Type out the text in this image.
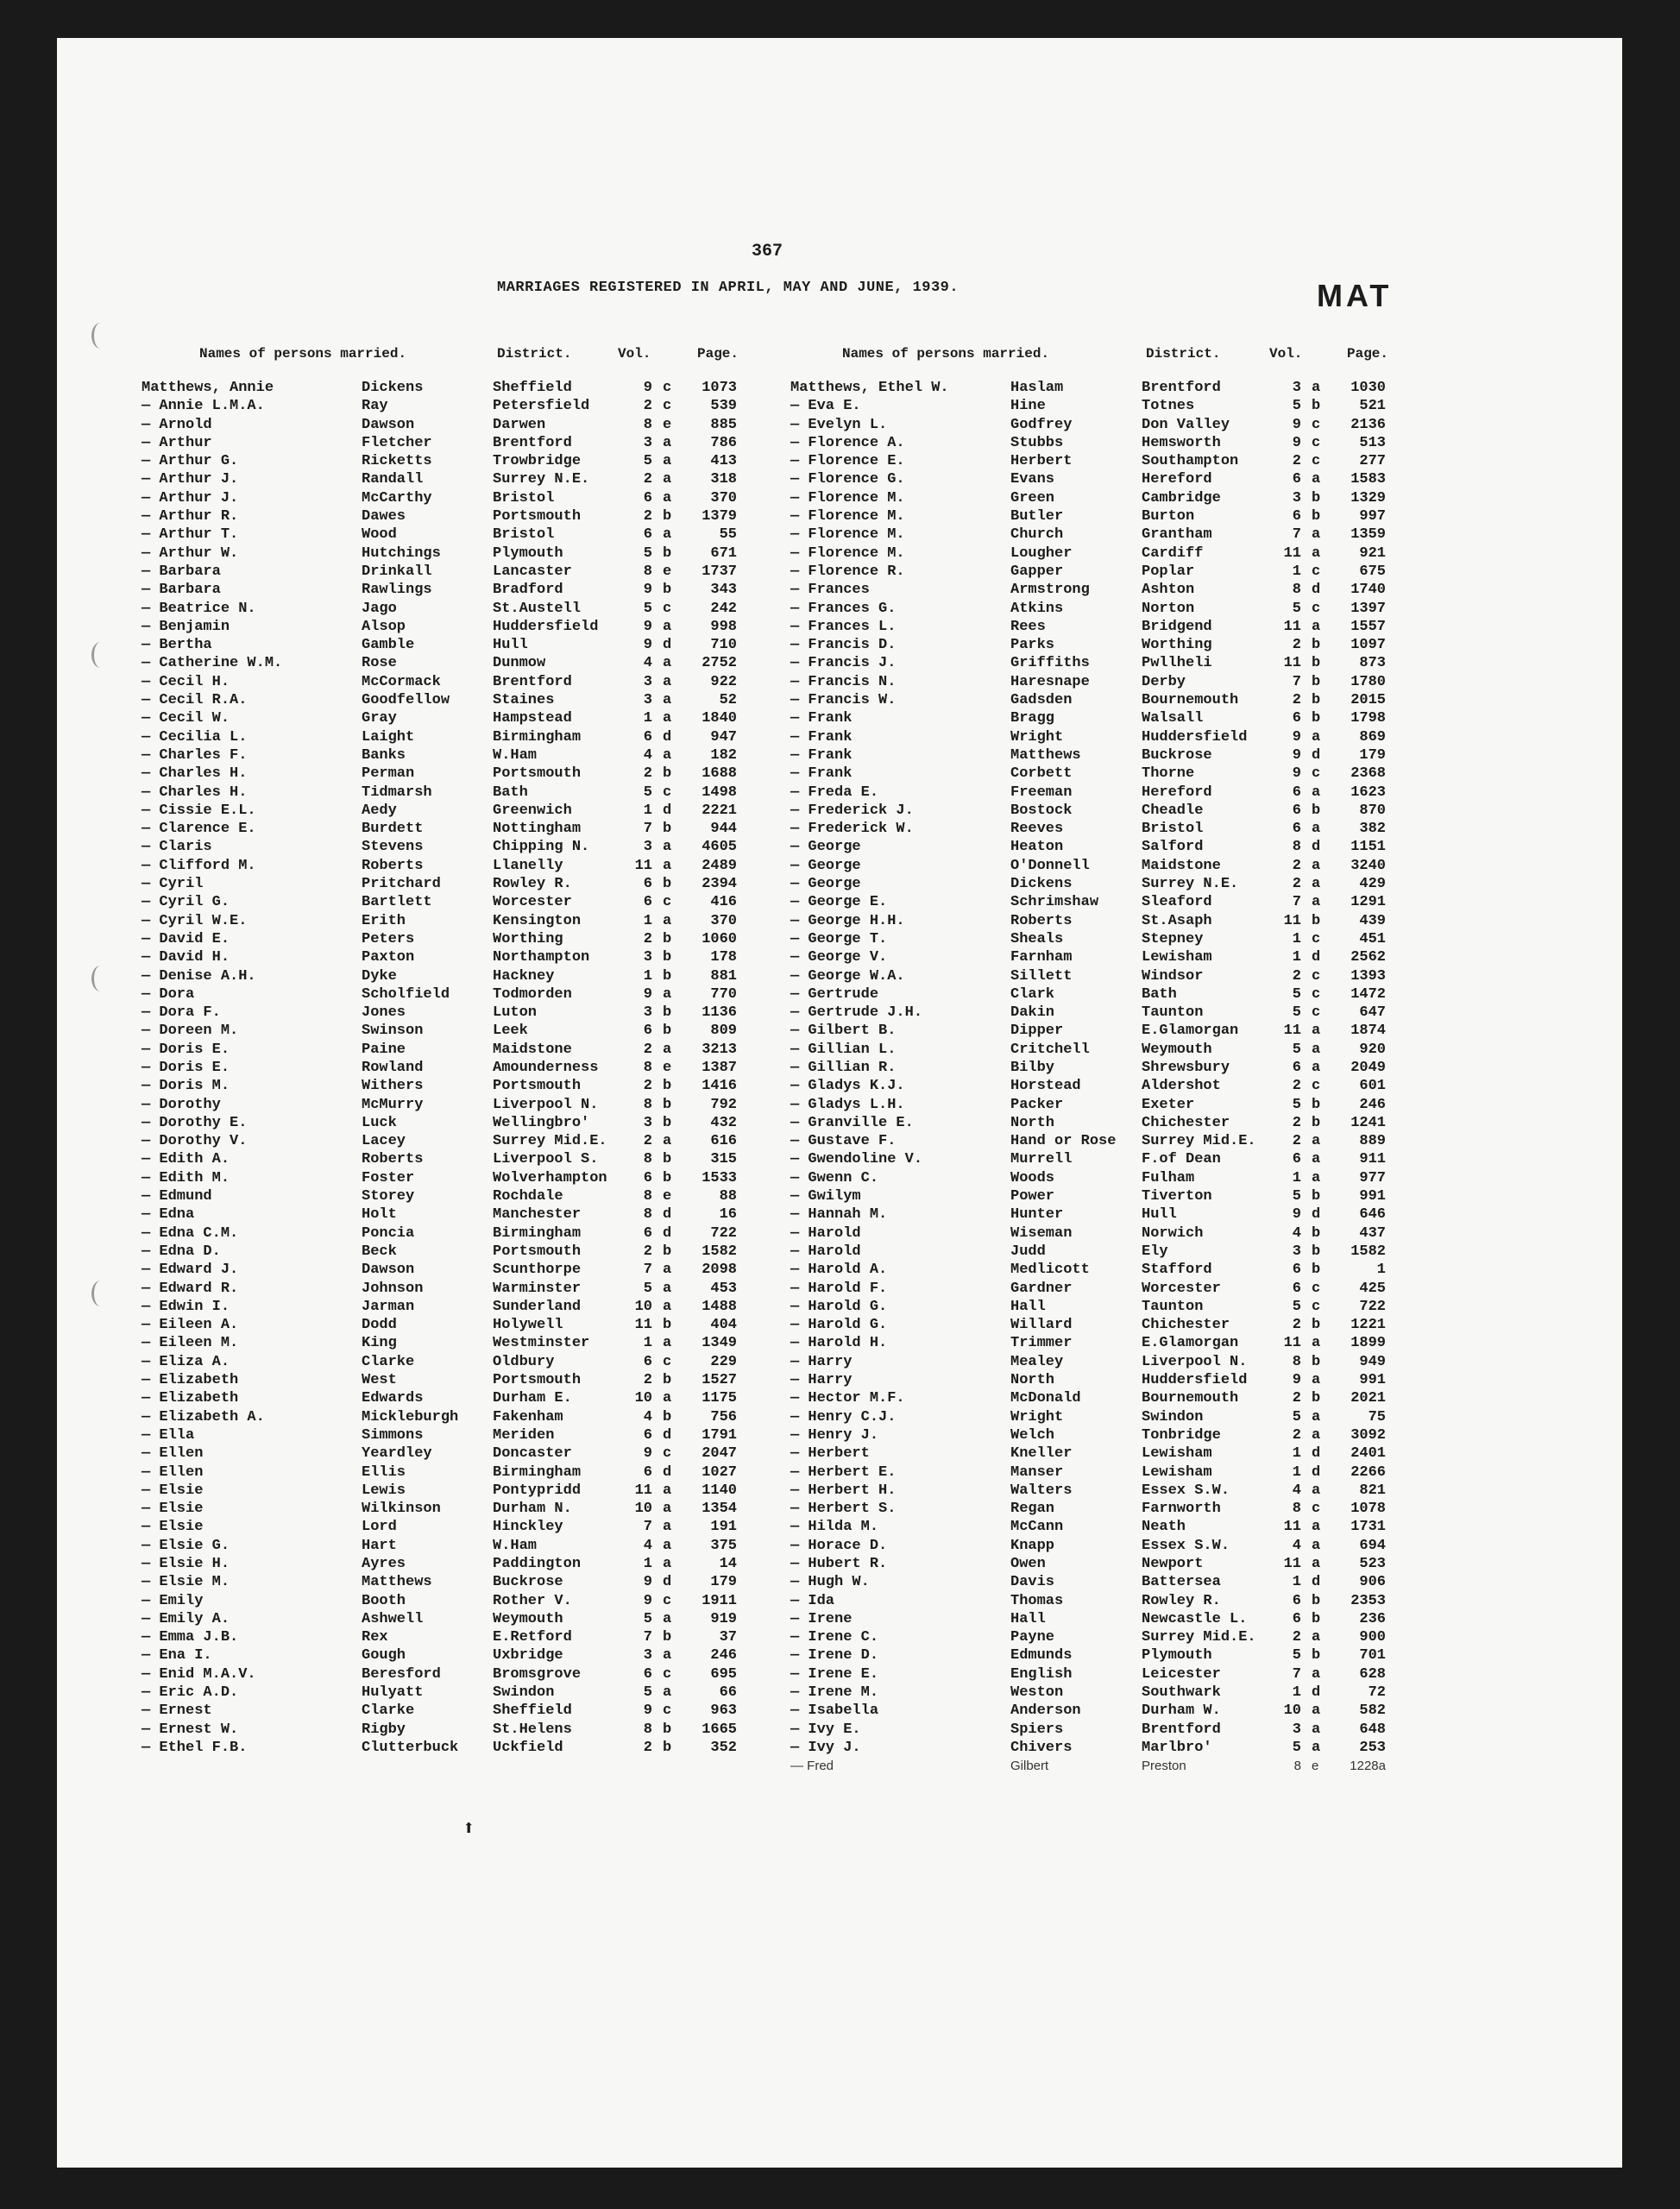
367
MARRIAGES REGISTERED IN APRIL, MAY AND JUNE, 1939.	MAT
Names of persons married.	District.	Vol.	Page.	Names of persons married.	District.	Vol.	Page.
Matthews, Annie	Dickens	Sheffield	9 c	1073
— Annie L.M.A.	Ray	Petersfield	2 c	539
— Arnold	Dawson	Darwen	8 e	885
— Arthur	Fletcher	Brentford	3 a	786
— Arthur G.	Ricketts	Trowbridge	5 a	413
— Arthur J.	Randall	Surrey N.E.	2 a	318
— Arthur J.	McCarthy	Bristol	6 a	370
— Arthur R.	Dawes	Portsmouth	2 b	1379
— Arthur T.	Wood	Bristol	6 a	55
— Arthur W.	Hutchings	Plymouth	5 b	671
— Barbara	Drinkall	Lancaster	8 e	1737
— Barbara	Rawlings	Bradford	9 b	343
— Beatrice N.	Jago	St.Austell	5 c	242
— Benjamin	Alsop	Huddersfield	9 a	998
— Bertha	Gamble	Hull	9 d	710
— Catherine W.M.	Rose	Dunmow	4 a	2752
— Cecil H.	McCormack	Brentford	3 a	922
— Cecil R.A.	Goodfellow	Staines	3 a	52
— Cecil W.	Gray	Hampstead	1 a	1840
— Cecilia L.	Laight	Birmingham	6 d	947
— Charles F.	Banks	W.Ham	4 a	182
— Charles H.	Perman	Portsmouth	2 b	1688
— Charles H.	Tidmarsh	Bath	5 c	1498
— Cissie E.L.	Aedy	Greenwich	1 d	2221
— Clarence E.	Burdett	Nottingham	7 b	944
— Claris	Stevens	Chipping N.	3 a	4605
— Clifford M.	Roberts	Llanelly	11 a	2489
— Cyril	Pritchard	Rowley R.	6 b	2394
— Cyril G.	Bartlett	Worcester	6 c	416
— Cyril W.E.	Erith	Kensington	1 a	370
— David E.	Peters	Worthing	2 b	1060
— David H.	Paxton	Northampton	3 b	178
— Denise A.H.	Dyke	Hackney	1 b	881
— Dora	Scholfield	Todmorden	9 a	770
— Dora F.	Jones	Luton	3 b	1136
— Doreen M.	Swinson	Leek	6 b	809
— Doris E.	Paine	Maidstone	2 a	3213
— Doris E.	Rowland	Amounderness	8 e	1387
— Doris M.	Withers	Portsmouth	2 b	1416
— Dorothy	McMurry	Liverpool N.	8 b	792
— Dorothy E.	Luck	Wellingbro'	3 b	432
— Dorothy V.	Lacey	Surrey Mid.E.	2 a	616
— Edith A.	Roberts	Liverpool S.	8 b	315
— Edith M.	Foster	Wolverhampton	6 b	1533
— Edmund	Storey	Rochdale	8 e	88
— Edna	Holt	Manchester	8 d	16
— Edna C.M.	Poncia	Birmingham	6 d	722
— Edna D.	Beck	Portsmouth	2 b	1582
— Edward J.	Dawson	Scunthorpe	7 a	2098
— Edward R.	Johnson	Warminster	5 a	453
— Edwin I.	Jarman	Sunderland	10 a	1488
— Eileen A.	Dodd	Holywell	11 b	404
— Eileen M.	King	Westminster	1 a	1349
— Eliza A.	Clarke	Oldbury	6 c	229
— Elizabeth	West	Portsmouth	2 b	1527
— Elizabeth	Edwards	Durham E.	10 a	1175
— Elizabeth A.	Mickleburgh Fakenham	4 b	756
— Ella	Simmons	Meriden	6 d	1791
— Ellen	Yeardley	Doncaster	9 c	2047
— Ellen	Ellis	Birmingham	6 d	1027
— Elsie	Lewis	Pontypridd	11 a	1140
— Elsie	Wilkinson	Durham N.	10 a	1354
— Elsie	Lord	Hinckley	7 a	191
— Elsie G.	Hart	W.Ham	4 a	375
— Elsie H.	Ayres	Paddington	1 a	14
— Elsie M.	Matthews	Buckrose	9 d	179
— Emily	Booth	Rother V.	9 c	1911
— Emily A.	Ashwell	Weymouth	5 a	919
— Emma J.B.	Rex	E.Retford	7 b	37
— Ena I.	Gough	Uxbridge	3 a	246
— Enid M.A.V.	Beresford	Bromsgrove	6 c	695
— Eric A.D.	Hulyatt	Swindon	5 a	66
— Ernest	Clarke	Sheffield	9 c	963
— Ernest W.	Rigby	St.Helens	8 b	1665
— Ethel F.B.	Clutterbuck Uckfield	2 b	352
Matthews, Ethel W.	Haslam	Brentford	3 a	1030
— Eva E.	Hine	Totnes	5 b	521
— Evelyn L.	Godfrey	Don Valley	9 c	2136
— Florence A.	Stubbs	Hemsworth	9 c	513
— Florence E.	Herbert	Southampton	2 c	277
— Florence G.	Evans	Hereford	6 a	1583
— Florence M.	Green	Cambridge	3 b	1329
— Florence M.	Butler	Burton	6 b	997
— Florence M.	Church	Grantham	7 a	1359
— Florence M.	Lougher	Cardiff	11 a	921
— Florence R.	Gapper	Poplar	1 c	675
— Frances	Armstrong	Ashton	8 d	1740
— Frances G.	Atkins	Norton	5 c	1397
— Frances L.	Rees	Bridgend	11 a	1557
— Francis D.	Parks	Worthing	2 b	1097
— Francis J.	Griffiths	Pwllheli	11 b	873
— Francis N.	Haresnape	Derby	7 b	1780
— Francis W.	Gadsden	Bournemouth	2 b	2015
— Frank	Bragg	Walsall	6 b	1798
— Frank	Wright	Huddersfield	9 a	869
— Frank	Matthews	Buckrose	9 d	179
— Frank	Corbett	Thorne	9 c	2368
— Freda E.	Freeman	Hereford	6 a	1623
— Frederick J.	Bostock	Cheadle	6 b	870
— Frederick W.	Reeves	Bristol	6 a	382
— George	Heaton	Salford	8 d	1151
— George	O'Donnell	Maidstone	2 a	3240
— George	Dickens	Surrey N.E.	2 a	429
— George E.	Schrimshaw	Sleaford	7 a	1291
— George H.H.	Roberts	St.Asaph	11 b	439
— George T.	Sheals	Stepney	1 c	451
— George V.	Farnham	Lewisham	1 d	2562
— George W.A.	Sillett	Windsor	2 c	1393
— Gertrude	Clark	Bath	5 c	1472
— Gertrude J.H.	Dakin	Taunton	5 c	647
— Gilbert B.	Dipper	E.Glamorgan	11 a	1874
— Gillian L.	Critchell	Weymouth	5 a	920
— Gillian R.	Bilby	Shrewsbury	6 a	2049
— Gladys K.J.	Horstead	Aldershot	2 c	601
— Gladys L.H.	Packer	Exeter	5 b	246
— Granville E.	North	Chichester	2 b	1241
— Gustave F.	Hand or Rose Surrey Mid.E.	2 a	889
— Gwendoline V.	Murrell	F.of Dean	6 a	911
— Gwenn C.	Woods	Fulham	1 a	977
— Gwilym	Power	Tiverton	5 b	991
— Hannah M.	Hunter	Hull	9 d	646
— Harold	Wiseman	Norwich	4 b	437
— Harold	Judd	Ely	3 b	1582
— Harold A.	Medlicott	Stafford	6 b	1
— Harold F.	Gardner	Worcester	6 c	425
— Harold G.	Hall	Taunton	5 c	722
— Harold G.	Willard	Chichester	2 b	1221
— Harold H.	Trimmer	E.Glamorgan	11 a	1899
— Harry	Mealey	Liverpool N.	8 b	949
— Harry	North	Huddersfield	9 a	991
— Hector M.F.	McDonald	Bournemouth	2 b	2021
— Henry C.J.	Wright	Swindon	5 a	75
— Henry J.	Welch	Tonbridge	2 a	3092
— Herbert	Kneller	Lewisham	1 d	2401
— Herbert E.	Manser	Lewisham	1 d	2266
— Herbert H.	Walters	Essex S.W.	4 a	821
— Herbert S.	Regan	Farnworth	8 c	1078
— Hilda M.	McCann	Neath	11 a	1731
— Horace D.	Knapp	Essex S.W.	4 a	694
— Hubert R.	Owen	Newport	11 a	523
— Hugh W.	Davis	Battersea	1 d	906
— Ida	Thomas	Rowley R.	6 b	2353
— Irene	Hall	Newcastle L.	6 b	236
— Irene C.	Payne	Surrey Mid.E.	2 a	900
— Irene D.	Edmunds	Plymouth	5 b	701
— Irene E.	English	Leicester	7 a	628
— Irene M.	Weston	Southwark	1 d	72
— Isabella	Anderson	Durham W.	10 a	582
— Ivy E.	Spiers	Brentford	3 a	648
— Ivy J.	Chivers	Marlbro'	5 a	253
— Fred	Gilbert	Preston	8 e	1228a
⬆
